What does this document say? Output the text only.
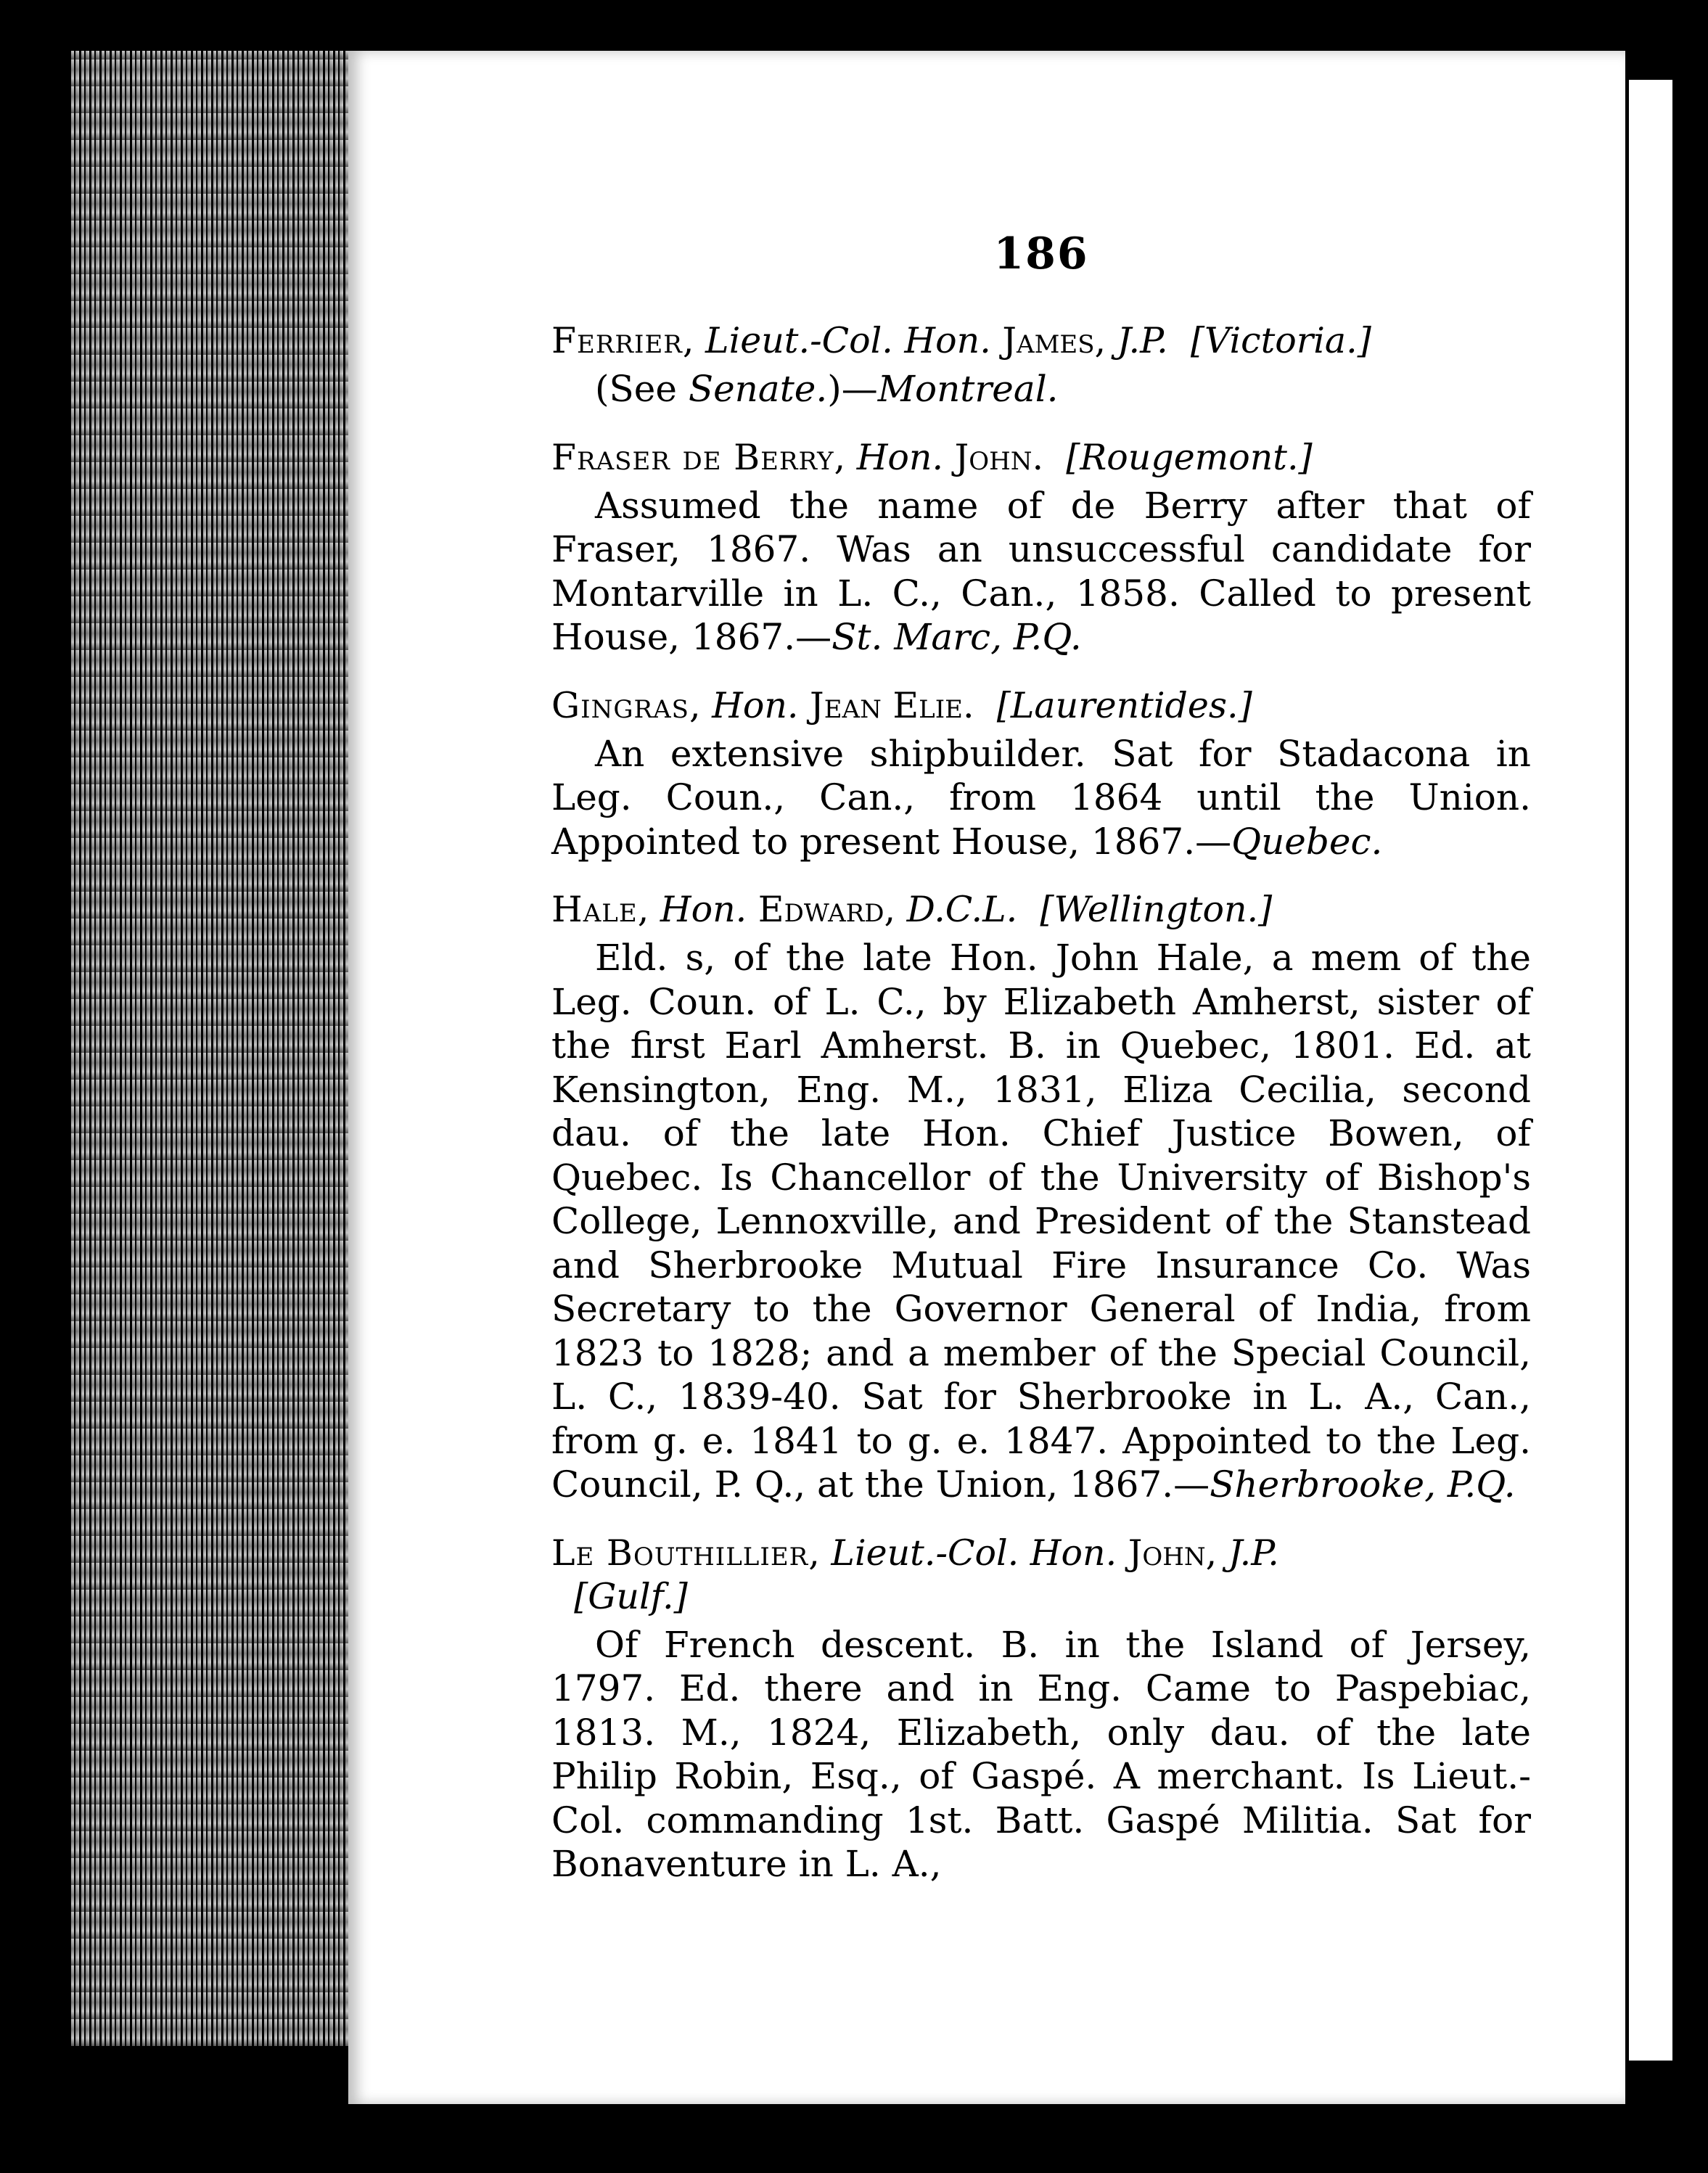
186

Ferrier, Lieut.-Col. Hon. James, J.P. [Victoria.]

(See Senate.)—Montreal.

Fraser de Berry, Hon. John. [Rougemont.]

Assumed the name of de Berry after that of Fraser, 1867. Was an unsuccessful candidate for Montarville in L. C., Can., 1858. Called to present House, 1867.—St. Marc, P.Q.

Gingras, Hon. Jean Elie. [Laurentides.]

An extensive shipbuilder. Sat for Stadacona in Leg. Coun., Can., from 1864 until the Union. Appointed to present House, 1867.—Quebec.

Hale, Hon. Edward, D.C.L. [Wellington.]

Eld. s, of the late Hon. John Hale, a mem of the Leg. Coun. of L. C., by Elizabeth Amherst, sister of the first Earl Amherst. B. in Quebec, 1801. Ed. at Kensington, Eng. M., 1831, Eliza Cecilia, second dau. of the late Hon. Chief Justice Bowen, of Quebec. Is Chancellor of the University of Bishop's College, Lennoxville, and President of the Stanstead and Sherbrooke Mutual Fire Insurance Co. Was Secretary to the Governor General of India, from 1823 to 1828; and a member of the Special Council, L. C., 1839-40. Sat for Sherbrooke in L. A., Can., from g. e. 1841 to g. e. 1847. Appointed to the Leg. Council, P. Q., at the Union, 1867.—Sherbrooke, P.Q.

Le Bouthillier, Lieut.-Col. Hon. John, J.P.
[Gulf.]

Of French descent. B. in the Island of Jersey, 1797. Ed. there and in Eng. Came to Paspebiac, 1813. M., 1824, Elizabeth, only dau. of the late Philip Robin, Esq., of Gaspé. A merchant. Is Lieut.-Col. commanding 1st. Batt. Gaspé Militia. Sat for Bonaventure in L. A.,
